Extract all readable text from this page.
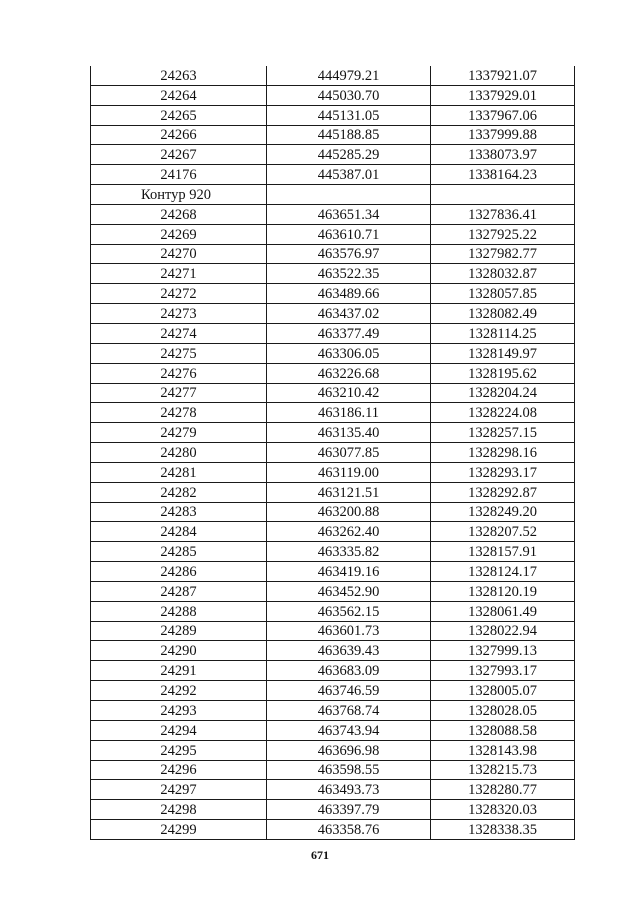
24263	444979.21	1337921.07
24264	445030.70	1337929.01
24265	445131.05	1337967.06
24266	445188.85	1337999.88
24267	445285.29	1338073.97
24176	445387.01	1338164.23
Контур 920		
24268	463651.34	1327836.41
24269	463610.71	1327925.22
24270	463576.97	1327982.77
24271	463522.35	1328032.87
24272	463489.66	1328057.85
24273	463437.02	1328082.49
24274	463377.49	1328114.25
24275	463306.05	1328149.97
24276	463226.68	1328195.62
24277	463210.42	1328204.24
24278	463186.11	1328224.08
24279	463135.40	1328257.15
24280	463077.85	1328298.16
24281	463119.00	1328293.17
24282	463121.51	1328292.87
24283	463200.88	1328249.20
24284	463262.40	1328207.52
24285	463335.82	1328157.91
24286	463419.16	1328124.17
24287	463452.90	1328120.19
24288	463562.15	1328061.49
24289	463601.73	1328022.94
24290	463639.43	1327999.13
24291	463683.09	1327993.17
24292	463746.59	1328005.07
24293	463768.74	1328028.05
24294	463743.94	1328088.58
24295	463696.98	1328143.98
24296	463598.55	1328215.73
24297	463493.73	1328280.77
24298	463397.79	1328320.03
24299	463358.76	1328338.35
671
